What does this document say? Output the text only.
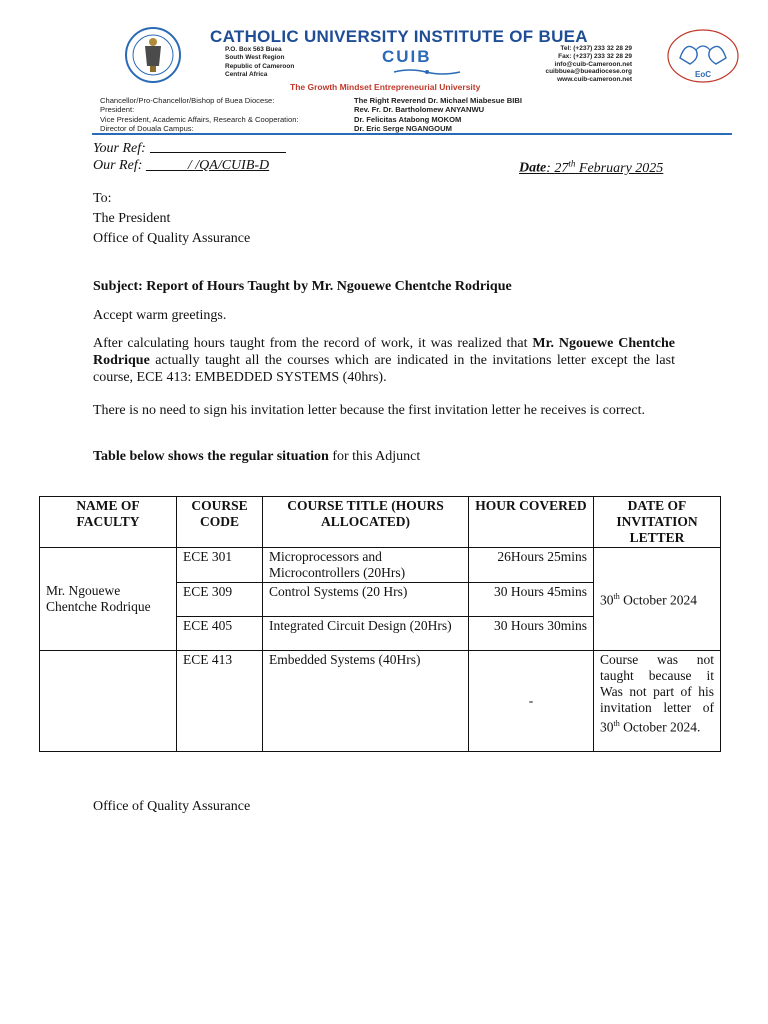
CATHOLIC UNIVERSITY INSTITUTE OF BUEA
P.O. Box 563 Buea
South West Region
Republic of Cameroon
Central Africa
CUIB	Tel: (+237) 233 32 28 29
Fax: (+237) 233 32 28 29
info@cuib-Cameroon.net
cuibbuea@bueadiocese.org
www.cuib-cameroon.net
EoC
The Growth Mindset Entrepreneurial University
Chancellor/Pro-Chancellor/Bishop of Buea Diocese:
President:
Vice President, Academic Affairs, Research & Cooperation:
Director of Douala Campus:
The Right Reverend Dr. Michael Miabesue BIBI
Rev. Fr. Dr. Bartholomew ANYANWU
Dr. Felicitas Atabong MOKOM
Dr. Eric Serge NGANGOUM
Your Ref:
Our Ref:	/ /QA/CUIB-D	Date: 27th February 2025
To:
The President
Office of Quality Assurance
Subject: Report of Hours Taught by Mr. Ngouewe Chentche Rodrique
Accept warm greetings.
After calculating hours taught from the record of work, it was realized that Mr. Ngouewe Chentche Rodrique actually taught all the courses which are indicated in the invitations letter except the last course, ECE 413: EMBEDDED SYSTEMS (40hrs).
There is no need to sign his invitation letter because the first invitation letter he receives is correct.
Table below shows the regular situation for this Adjunct
NAME OF FACULTY	COURSE CODE	COURSE TITLE (HOURS ALLOCATED)	HOUR COVERED	DATE OF INVITATION LETTER
Mr. Ngouewe Chentche Rodrique	ECE 301	Microprocessors and Microcontrollers (20Hrs)	26Hours 25mins	30th October 2024
	ECE 309	Control Systems (20 Hrs)	30 Hours 45mins	
	ECE 405	Integrated Circuit Design (20Hrs)	30 Hours 30mins	
	ECE 413	Embedded Systems (40Hrs)	-	Course was not taught because it Was not part of his invitation letter of 30th October 2024.
Office of Quality Assurance
